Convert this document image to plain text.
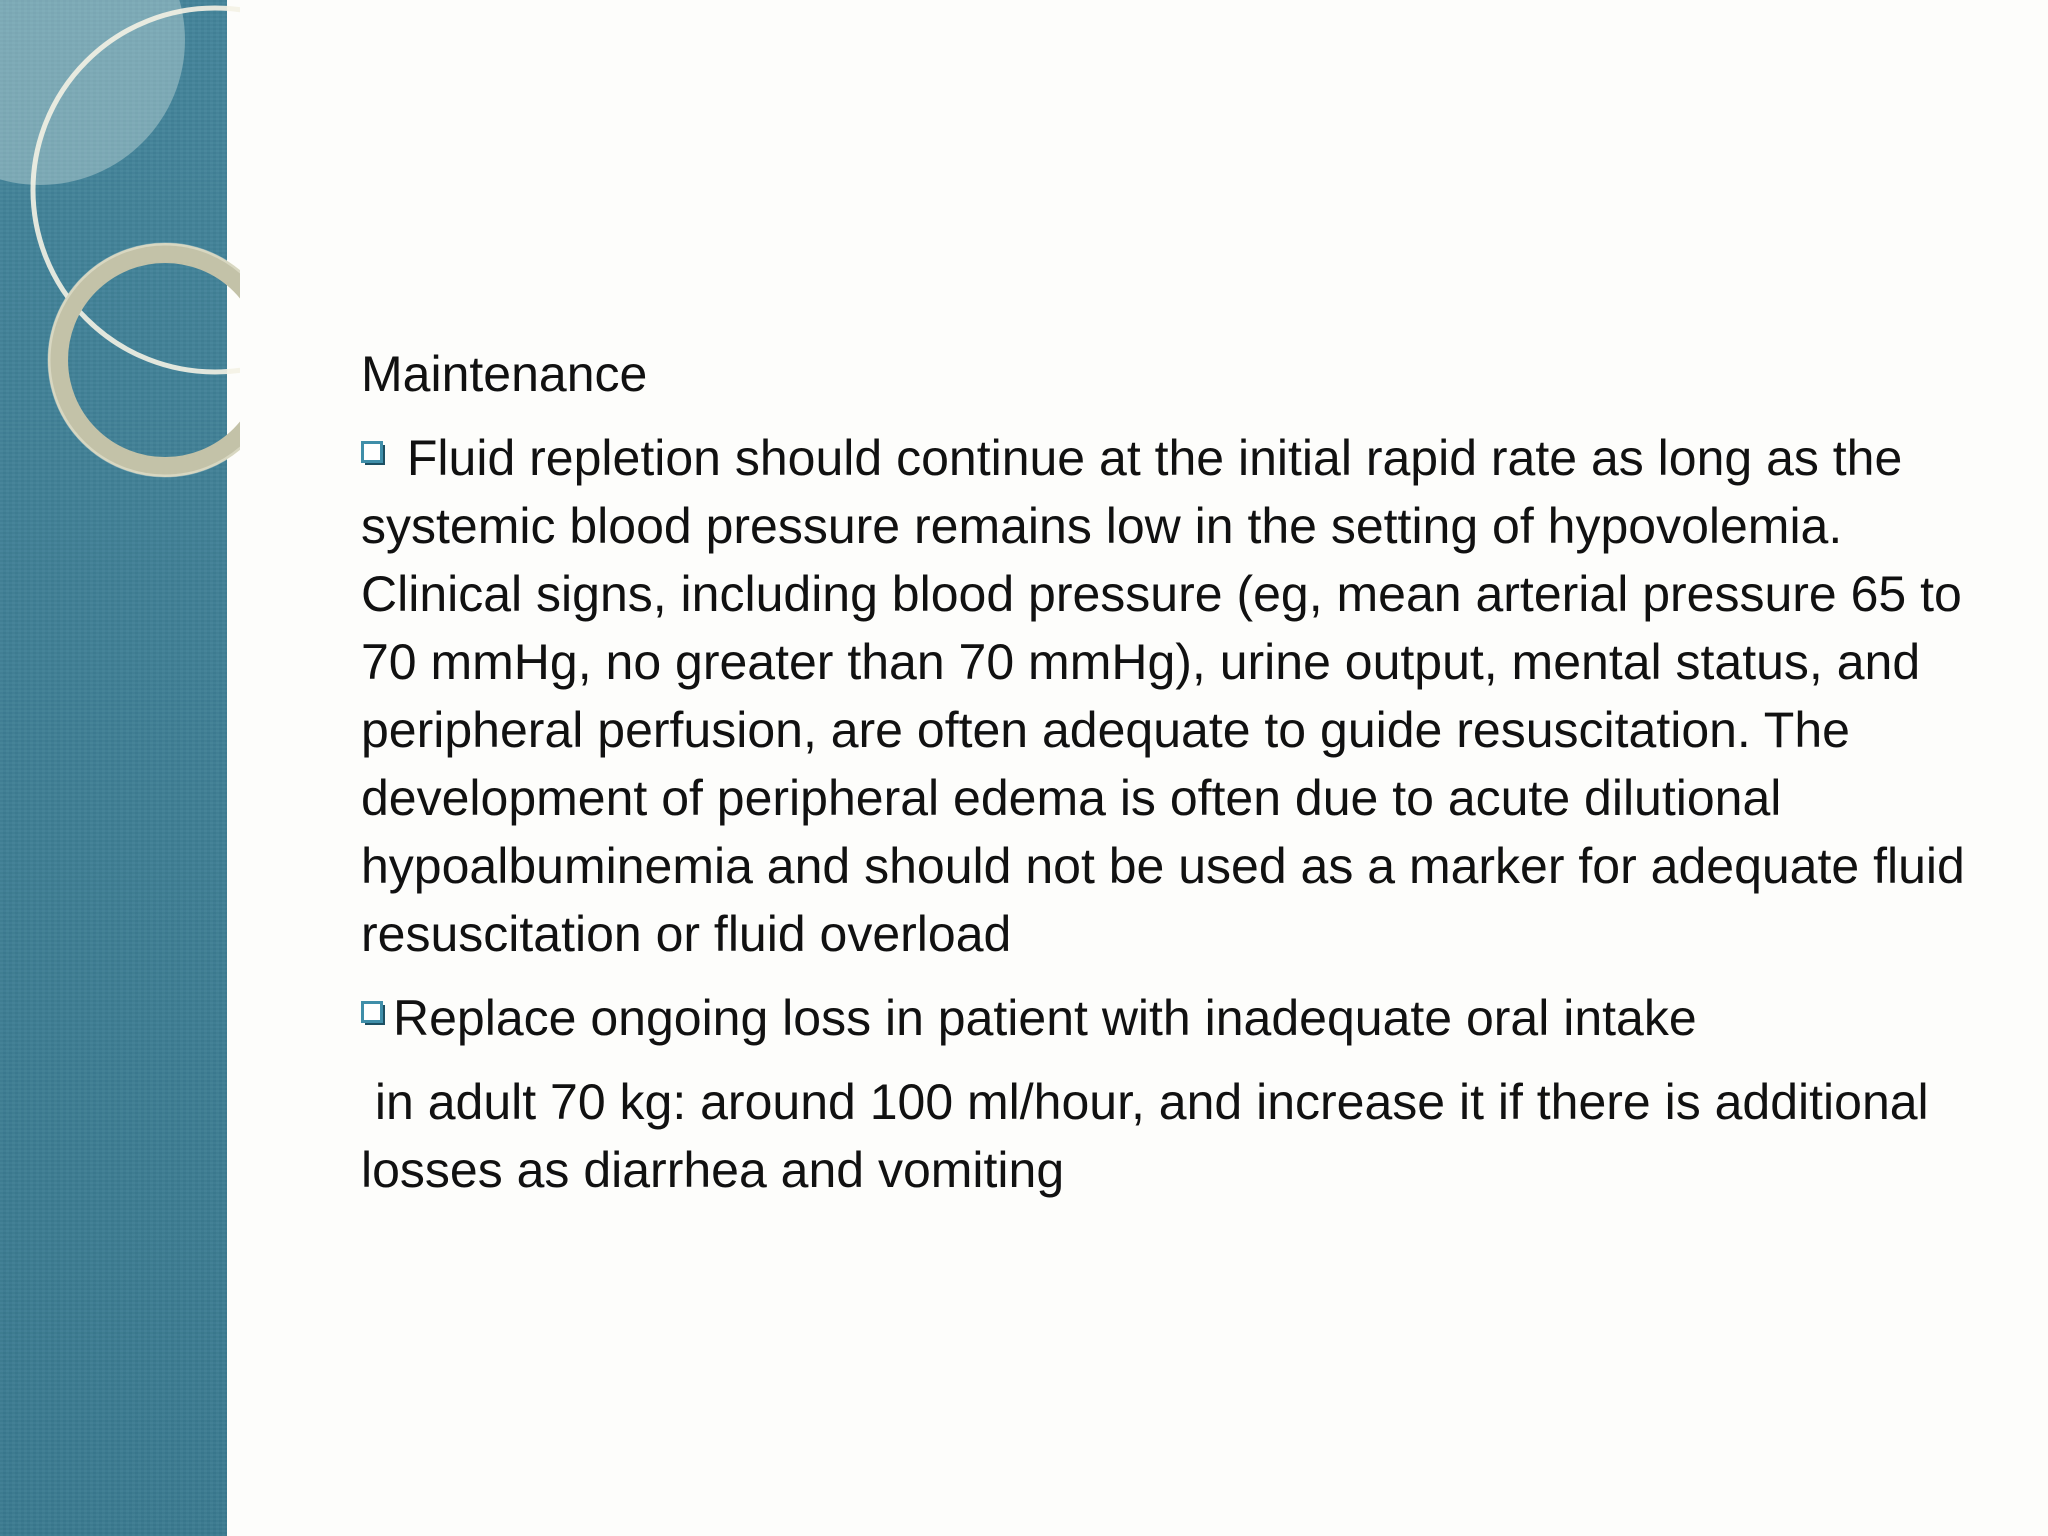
Maintenance
Fluid repletion should continue at the initial rapid rate as long as the systemic blood pressure remains low in the setting of hypovolemia. Clinical signs, including blood pressure (eg, mean arterial pressure 65 to 70 mmHg, no greater than 70 mmHg), urine output, mental status, and peripheral perfusion, are often adequate to guide resuscitation. The development of peripheral edema is often due to acute dilutional hypoalbuminemia and should not be used as a marker for adequate fluid resuscitation or fluid overload
Replace ongoing loss in patient with inadequate oral intake
in adult 70 kg: around 100 ml/hour, and increase it if there is additional losses as diarrhea and vomiting
